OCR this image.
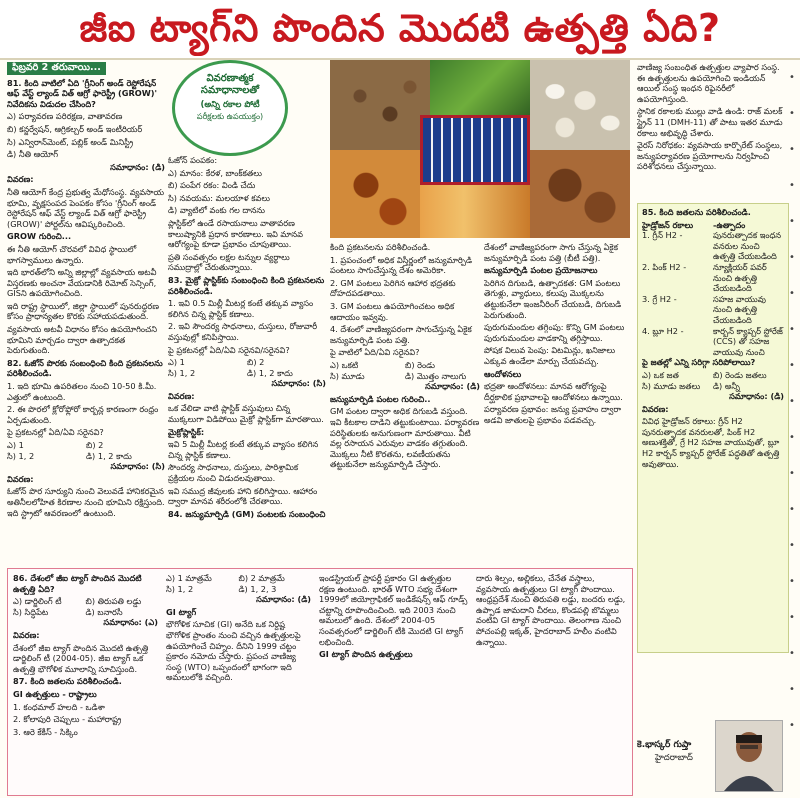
జీఐ ట్యాగ్‌ని పొందిన మొదటి ఉత్పత్తి ఏది?
వివరణాత్మక
సమాధానాలతో
(అన్ని రకాల పోటీ
పరీక్షలకు ఉపయుక్తం)
ఫిబ్రవరి 2 తరువాయి...

81. కింది వాటిలో ఏది 'గ్రీనింగ్ అండ్ రెస్టోరేషన్ ఆఫ్ వేస్ట్ ల్యాండ్ విత్ ఆగ్రో ఫారెస్ట్రీ (GROW)' నివేదికను విడుదల చేసింది?

ఎ) పర్యావరణ పరిరక్షణ, వాతావరణ

బి) కన్జర్వేషన్, ఆగ్రికల్చర్ అండ్ ఇంటీరియర్

సి) ఎన్విరాన్‌మెంట్, పబ్లిక్ అండ్ మినిస్ట్రీ

డి) నీతి ఆయోగ్

సమాధానం: (డి)

వివరణ:

నీతి ఆయోగ్ కేంద్ర ప్రభుత్వ మేధోసంస్థ. వ్యవసాయ భూమి, వృక్షసంపద పెంపకం కోసం 'గ్రీనింగ్ అండ్ రెస్టోరేషన్ ఆఫ్ వేస్ట్ ల్యాండ్ విత్ ఆగ్రో ఫారెస్ట్రీ (GROW)' పోర్టల్‌ను ఆవిష్కరించింది.

GROW గురించి...

ఈ నీతి ఆయోగ్ చొరవలో వివిధ స్థాయిలో భాగస్వాములు ఉన్నారు.

ఇది భారత్‌లోని అన్ని జిల్లాల్లో వ్యవసాయ అటవీ విస్తరణకు అంచనా వేయడానికి రిమోట్ సెన్సింగ్, GIS‌ని ఉపయోగించింది.

ఇది రాష్ట్ర స్థాయిలో, జిల్లా స్థాయిలో పునరుద్ధరణ కోసం ప్రాధాన్యతల కొరకు సహాయపడుతుంది.

వ్యవసాయ అటవీ విధానం కోసం ఉపయోగించని భూమిని మార్చడం ద్వారా ఉత్పాదకత పెరుగుతుంది.

82. ఓజోన్ పొరకు సంబంధించి కింది ప్రకటనలను పరిశీలించండి.

1. ఇది భూమి ఉపరితలం నుంచి 10-50 కి.మీ. ఎత్తులో ఉంటుంది.

2. ఈ పొరలో క్లోరోఫ్లోరో కార్బన్ల కారణంగా రంధ్రం ఏర్పడుతుంది.

పై ప్రకటనల్లో ఏది/ఏవి సరైనవి?

ఎ) 1	బి) 2
సి) 1, 2	డి) 1, 2 కాదు

సమాధానం: (సి)

వివరణ:

ఓజోన్ పొర సూర్యుని నుంచి వెలువడే హానికరమైన అతినీలలోహిత కిరణాల నుంచి భూమిని రక్షిస్తుంది. ఇది స్ట్రాటో ఆవరణంలో ఉంటుంది.

ఓజోన్ పంపకం:

ఎ) మానం: కేరళ, బాంక్‌కతలు

బి) పంపేగ రకం: విండి చేదు

సి) నవయమ: మలయాళ కవలు

డి) వ్యాటిలో వంకు గల దానను

ప్లాస్టిక్‌లో ఉండే రసాయనాలు వాతావరణ కాలుష్యానికి ప్రధాన కారణాలు. ఇవి మానవ ఆరోగ్యంపై కూడా ప్రభావం చూపుతాయి.

ప్రతి సంవత్సరం లక్షల టన్నుల వ్యర్థాలు సముద్రాల్లో చేరుతున్నాయి.

83. మైక్రో ప్లాస్టిక్‌కు సంబంధించి కింది ప్రకటనలను పరిశీలించండి.

1. ఇవి 0.5 మిల్లీ మీటర్ల కంటే తక్కువ వ్యాసం కలిగిన చిన్న ప్లాస్టిక్ కణాలు.

2. ఇవి సౌందర్య సాధనాలు, దుస్తులు, రోజువారీ వస్తువుల్లో కనిపిస్తాయి.

పై ప్రకటనల్లో ఏది/ఏవి సరైనవి/సరైనవి?

ఎ) 1	బి) 2
సి) 1, 2	డి) 1, 2 కాదు

సమాధానం: (సి)

వివరణ:

ఒక వేలిడా వాటి ప్లాస్టిక్ వస్తువులు చిన్న ముక్కలుగా విడిపోయి మైక్రో ప్లాస్టిక్‌గా మారతాయి.

మైక్రోప్లాస్టిక్:

ఇవి 5 మిల్లీ మీటర్ల కంటే తక్కువ వ్యాసం కలిగిన చిన్న ప్లాస్టిక్ కణాలు.

సౌందర్య సాధనాలు, దుస్తులు, పారిశ్రామిక ప్రక్రియల నుంచి విడుదలవుతాయి.

ఇవి సముద్ర జీవులకు హాని కలిగిస్తాయి. ఆహారం ద్వారా మానవ శరీరంలోకి చేరతాయి.

84. జన్యుమార్పిడి (GM) పంటలకు సంబంధించి

కింది ప్రకటనలను పరిశీలించండి.

1. ప్రపంచంలో అధిక విస్తీర్ణంలో జన్యుమార్పిడి పంటలు సాగుచేస్తున్న దేశం అమెరికా.

2. GM పంటలు పెరిగిన ఆహార భద్రతకు దోహదపడతాయి.

3. GM పంటలు ఉపయోగించటం అధిక ఆదాయం ఇవ్వవు.

4. దేశంలో వాణిజ్యపరంగా సాగుచేస్తున్న ఏకైక జన్యుమార్పిడి పంట పత్తి.

పై వాటిలో ఏది/ఏవి సరైనవి?

ఎ) ఒకటి	బి) రెండు
సి) మూడు	డి) మొత్తం నాలుగు

సమాధానం: (డి)

జన్యుమార్పిడి పంటల గురించి..

GM పంటల ద్వారా అధిక దిగుబడి వస్తుంది. ఇవి కీటకాల దాడిని తట్టుకుంటాయి. పర్యావరణ పరిస్థితులకు అనుగుణంగా మారుతాయి. వీటి వల్ల రసాయన ఎరువుల వాడకం తగ్గుతుంది. మొక్కలు నీటి కొరతను, లవణీయతను తట్టుకునేలా జన్యుమార్పిడి చేస్తారు.

దేశంలో వాణిజ్యపరంగా సాగు చేస్తున్న ఏకైక జన్యుమార్పిడి పంట పత్తి (బీటీ పత్తి).

జన్యుమార్పిడి పంటల ప్రయోజనాలు

పెరిగిన దిగుబడి, ఉత్పాదకత: GM పంటలు తెగుళ్లు, వ్యాధులు, కలుపు మొక్కలను తట్టుకునేలా ఇంజనీరింగ్ చేయబడి, దిగుబడి పెరుగుతుంది.

పురుగుమందుల తగ్గింపు: కొన్ని GM పంటలు పురుగుమందుల వాడకాన్ని తగ్గిస్తాయి.

పోషక విలువ పెంపు: విటమిన్లు, ఖనిజాలు ఎక్కువ ఉండేలా మార్పు చేయవచ్చు.

ఆందోళనలు

భద్రతా ఆందోళనలు: మానవ ఆరోగ్యంపై దీర్ఘకాలిక ప్రభావాలపై ఆందోళనలు ఉన్నాయి.

పర్యావరణ ప్రభావం: జన్యు ప్రవాహం ద్వారా అడవి జాతులపై ప్రభావం పడవచ్చు.

వాణిజ్య సంబంధిత ఉత్పత్తుల వ్యాపార సంస్థ. ఈ ఉత్పత్తులను ఉపయోగించి ఇండియన్ ఆయిల్ సంస్థ ఇంధన రిఫైనరీలో ఉపయోగిస్తుంది.

స్థానిక రకాలకు ముల్లు వాడి ఉండి: రాజ్ మలక్ స్ట్రైన్ 11 (DMH-11) తో పాటు ఇతర మూడు రకాలు అభివృద్ధి చేశారు.

వైరస్ నిరోధకం: వ్యవసాయ కార్పొరేట్ సంస్థలు, జన్యుపర్యావరణ ప్రయోగాలను నిర్వహించి పరిశోధనలు చేస్తున్నాయి.

85. కింది జతలను పరిశీలించండి.

హైడ్రోజన్ రకాలు	-ఉత్పాదం
1. గ్రీన్ H2 -	పునరుత్పాదక ఇంధన వనరుల నుంచి ఉత్పత్తి చేయబడింది
2. పింక్ H2 -	న్యూక్లియర్ పవర్ నుంచి ఉత్పత్తి చేయబడింది
3. గ్రే H2 -	సహజ వాయువు నుంచి ఉత్పత్తి చేయబడింది
4. బ్లూ H2 -	కార్బన్ క్యాప్చర్ స్టోరేజ్ (CCS) తో సహజ వాయువు నుంచి

పై జతల్లో ఎన్ని సరిగ్గా సరిపోలాయి?

ఎ) ఒక జత	బి) రెండు జతలు
సి) మూడు జతలు	డి) అన్నీ

సమాధానం: (డి)

వివరణ:

వివిధ హైడ్రోజన్ రకాలు: గ్రీన్ H2 పునరుత్పాదక వనరులతో, పింక్ H2 అణుశక్తితో, గ్రే H2 సహజ వాయువుతో, బ్లూ H2 కార్బన్ క్యాప్చర్ స్టోరేజ్ పద్ధతితో ఉత్పత్తి అవుతాయి.

86. దేశంలో జీఐ ట్యాగ్ పొందిన మొదటి ఉత్పత్తి ఏది?

ఎ) డార్జిలింగ్ టీ	బి) తిరుపతి లడ్డు
సి) సిద్ధిపేట	డి) బనారసీ

సమాధానం: (ఎ)

వివరణ:

దేశంలో జీఐ ట్యాగ్ పొందిన మొదటి ఉత్పత్తి డార్జిలింగ్ టీ (2004-05). జీఐ ట్యాగ్ ఒక ఉత్పత్తి భౌగోళిక మూలాన్ని సూచిస్తుంది.

87. కింది జతలను పరిశీలించండి.

GI ఉత్పత్తులు - రాష్ట్రాలు

1. కంధమాల్ హలది - ఒడిశా

2. కోలాపురి చెప్పులు - మహారాష్ట్ర

3. ఆరె కేకీస్ - సిక్కిం

ఎ) 1 మాత్రమే	బి) 2 మాత్రమే
సి) 1, 2	డి) 1, 2, 3

సమాధానం: (డి)

GI ట్యాగ్

భౌగోళిక సూచిక (GI) అనేది ఒక నిర్దిష్ట భౌగోళిక ప్రాంతం నుంచి వచ్చిన ఉత్పత్తులపై ఉపయోగించే చిహ్నం. దీనిని 1999 చట్టం ప్రకారం నమోదు చేస్తారు. ప్రపంచ వాణిజ్య సంస్థ (WTO) ఒప్పందంలో భాగంగా ఇది అమలులోకి వచ్చింది.

ఇండస్ట్రియల్ ప్రాపర్టీ ప్రకారం GI ఉత్పత్తుల రక్షణ ఉంటుంది. భారత్ WTO సభ్య దేశంగా 1999లో జియోగ్రాఫికల్ ఇండికేషన్స్ ఆఫ్ గూడ్స్ చట్టాన్ని రూపొందించింది. ఇది 2003 నుంచి అమలులో ఉంది. దేశంలో 2004-05 సంవత్సరంలో డార్జిలింగ్ టీకి మొదటి GI ట్యాగ్ లభించింది.

GI ట్యాగ్ పొందిన ఉత్పత్తులు

దారు శిల్పం, అల్లికలు, చేనేత వస్త్రాలు, వ్యవసాయ ఉత్పత్తులు GI ట్యాగ్ పొందాయి. ఆంధ్రప్రదేశ్ నుంచి తిరుపతి లడ్డు, బందరు లడ్డు, ఉప్పాడ జామదాని చీరలు, కొండపల్లి బొమ్మలు వంటివి GI ట్యాగ్ పొందాయి. తెలంగాణ నుంచి పోచంపల్లి ఇక్కత్, హైదరాబాద్ హలీం వంటివి ఉన్నాయి.

కె.భాస్కర్ గుప్తా
హైదరాబాద్
•
•
•
•
•
•
•
•
•
•
•
•
•
•
•
•
•
•
•
